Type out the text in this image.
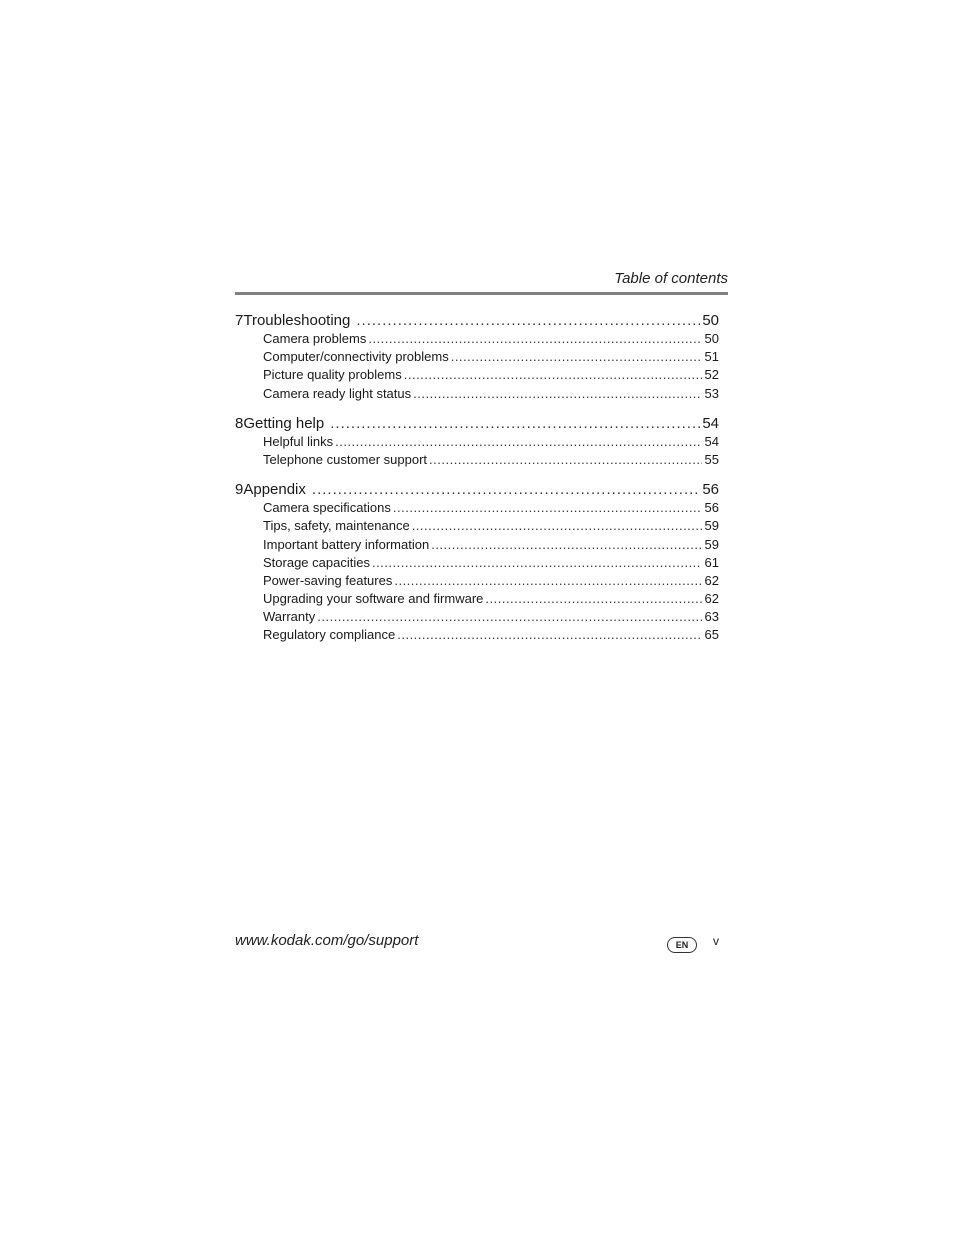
Table of contents
7 Troubleshooting .....	50
Camera problems .....	50
Computer/connectivity problems .....	51
Picture quality problems .....	52
Camera ready light status .....	53
8 Getting help .....	54
Helpful links .....	54
Telephone customer support .....	55
9 Appendix .....	56
Camera specifications .....	56
Tips, safety, maintenance .....	59
Important battery information .....	59
Storage capacities .....	61
Power-saving features .....	62
Upgrading your software and firmware .....	62
Warranty .....	63
Regulatory compliance .....	65
www.kodak.com/go/support	EN	v
